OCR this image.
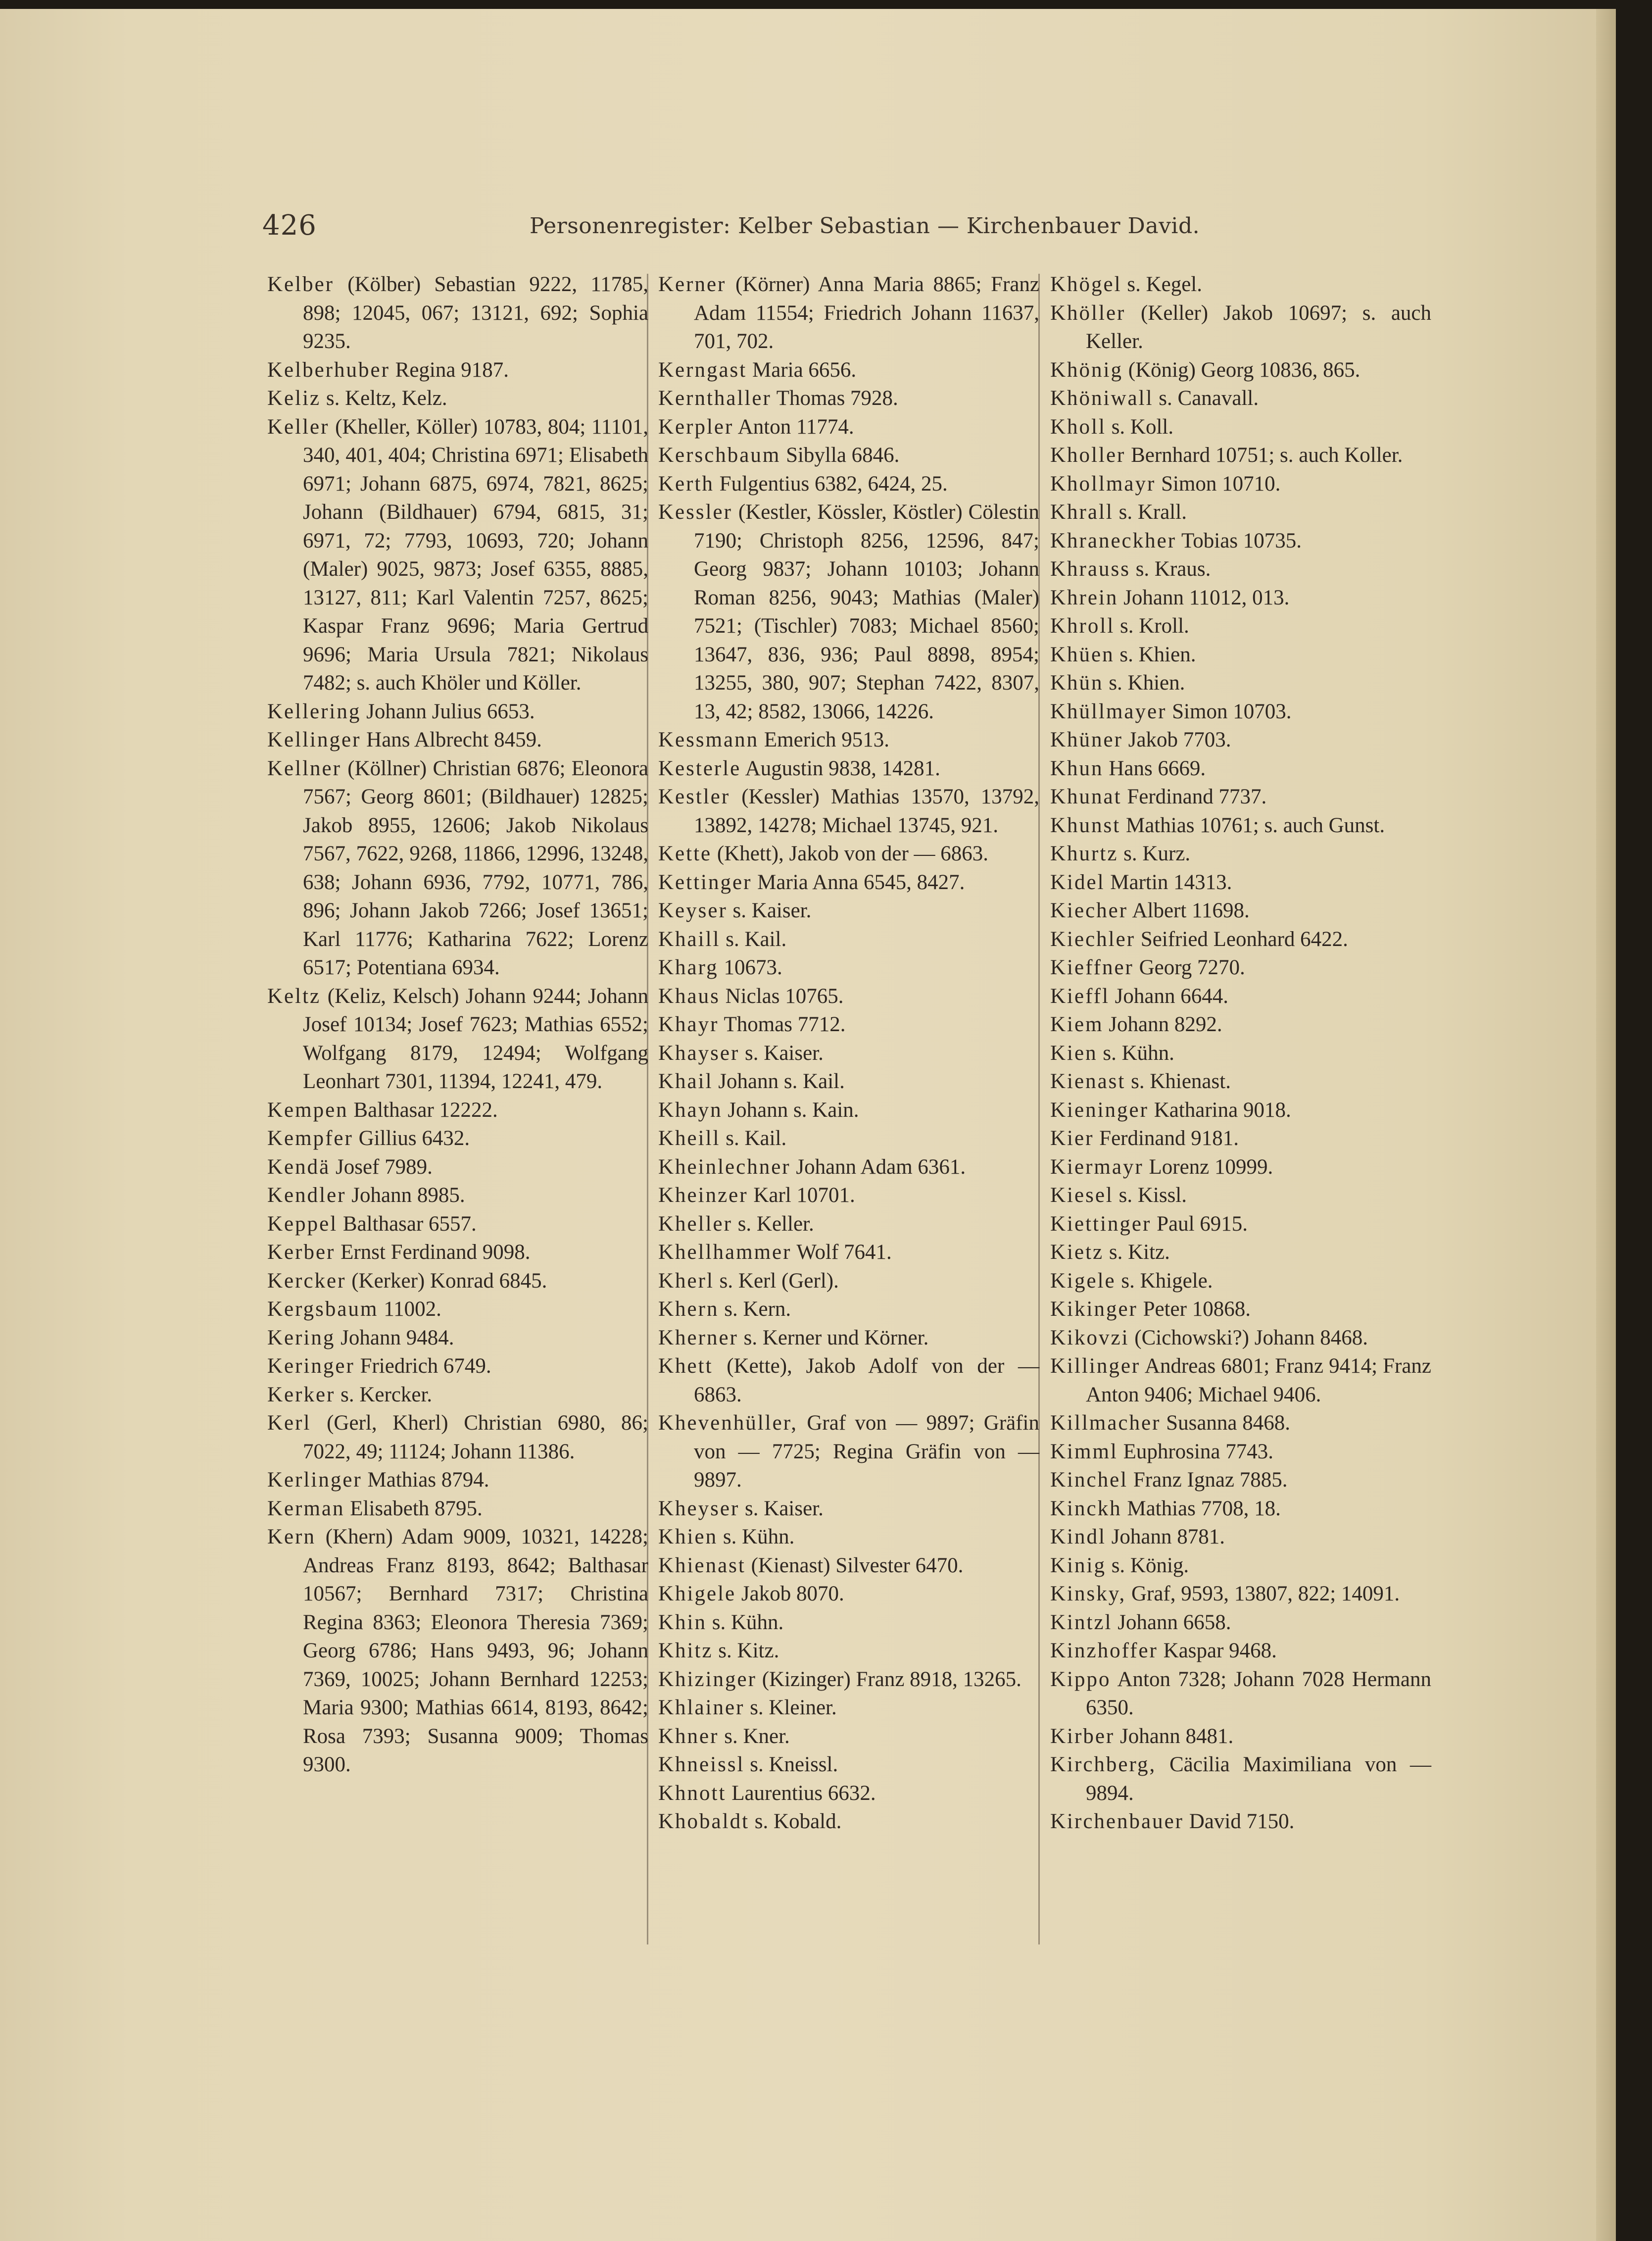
426	Personenregister: Kelber Sebastian — Kirchenbauer David.

Kelber (Kölber) Sebastian 9222, 11785, 898; 12045, 067; 13121, 692; Sophia 9235.

Kelberhuber Regina 9187.

Keliz s. Keltz, Kelz.

Keller (Kheller, Köller) 10783, 804; 11101, 340, 401, 404; Christina 6971; Elisabeth 6971; Johann 6875, 6974, 7821, 8625; Johann (Bildhauer) 6794, 6815, 31; 6971, 72; 7793, 10693, 720; Johann (Maler) 9025, 9873; Josef 6355, 8885, 13127, 811; Karl Valentin 7257, 8625; Kaspar Franz 9696; Maria Gertrud 9696; Maria Ursula 7821; Nikolaus 7482; s. auch Khöler und Köller.

Kellering Johann Julius 6653.

Kellinger Hans Albrecht 8459.

Kellner (Köllner) Christian 6876; Eleonora 7567; Georg 8601; (Bildhauer) 12825; Jakob 8955, 12606; Jakob Nikolaus 7567, 7622, 9268, 11866, 12996, 13248, 638; Johann 6936, 7792, 10771, 786, 896; Johann Jakob 7266; Josef 13651; Karl 11776; Katharina 7622; Lorenz 6517; Potentiana 6934.

Keltz (Keliz, Kelsch) Johann 9244; Johann Josef 10134; Josef 7623; Mathias 6552; Wolfgang 8179, 12494; Wolfgang Leonhart 7301, 11394, 12241, 479.

Kempen Balthasar 12222.

Kempfer Gillius 6432.

Kendä Josef 7989.

Kendler Johann 8985.

Keppel Balthasar 6557.

Kerber Ernst Ferdinand 9098.

Kercker (Kerker) Konrad 6845.

Kergsbaum 11002.

Kering Johann 9484.

Keringer Friedrich 6749.

Kerker s. Kercker.

Kerl (Gerl, Kherl) Christian 6980, 86; 7022, 49; 11124; Johann 11386.

Kerlinger Mathias 8794.

Kerman Elisabeth 8795.

Kern (Khern) Adam 9009, 10321, 14228; Andreas Franz 8193, 8642; Balthasar 10567; Bernhard 7317; Christina Regina 8363; Eleonora Theresia 7369; Georg 6786; Hans 9493, 96; Johann 7369, 10025; Johann Bernhard 12253; Maria 9300; Mathias 6614, 8193, 8642; Rosa 7393; Susanna 9009; Thomas 9300.

Kerner (Körner) Anna Maria 8865; Franz Adam 11554; Friedrich Johann 11637, 701, 702.

Kerngast Maria 6656.

Kernthaller Thomas 7928.

Kerpler Anton 11774.

Kerschbaum Sibylla 6846.

Kerth Fulgentius 6382, 6424, 25.

Kessler (Kestler, Kössler, Köstler) Cölestin 7190; Christoph 8256, 12596, 847; Georg 9837; Johann 10103; Johann Roman 8256, 9043; Mathias (Maler) 7521; (Tischler) 7083; Michael 8560; 13647, 836, 936; Paul 8898, 8954; 13255, 380, 907; Stephan 7422, 8307, 13, 42; 8582, 13066, 14226.

Kessmann Emerich 9513.

Kesterle Augustin 9838, 14281.

Kestler (Kessler) Mathias 13570, 13792, 13892, 14278; Michael 13745, 921.

Kette (Khett), Jakob von der — 6863.

Kettinger Maria Anna 6545, 8427.

Keyser s. Kaiser.

Khaill s. Kail.

Kharg 10673.

Khaus Niclas 10765.

Khayr Thomas 7712.

Khayser s. Kaiser.

Khail Johann s. Kail.

Khayn Johann s. Kain.

Kheill s. Kail.

Kheinlechner Johann Adam 6361.

Kheinzer Karl 10701.

Kheller s. Keller.

Khellhammer Wolf 7641.

Kherl s. Kerl (Gerl).

Khern s. Kern.

Kherner s. Kerner und Körner.

Khett (Kette), Jakob Adolf von der — 6863.

Khevenhüller, Graf von — 9897; Gräfin von — 7725; Regina Gräfin von — 9897.

Kheyser s. Kaiser.

Khien s. Kühn.

Khienast (Kienast) Silvester 6470.

Khigele Jakob 8070.

Khin s. Kühn.

Khitz s. Kitz.

Khizinger (Kizinger) Franz 8918, 13265.

Khlainer s. Kleiner.

Khner s. Kner.

Khneissl s. Kneissl.

Khnott Laurentius 6632.

Khobaldt s. Kobald.

Khögel s. Kegel.

Khöller (Keller) Jakob 10697; s. auch Keller.

Khönig (König) Georg 10836, 865.

Khöniwall s. Canavall.

Kholl s. Koll.

Kholler Bernhard 10751; s. auch Koller.

Khollmayr Simon 10710.

Khrall s. Krall.

Khraneckher Tobias 10735.

Khrauss s. Kraus.

Khrein Johann 11012, 013.

Khroll s. Kroll.

Khüen s. Khien.

Khün s. Khien.

Khüllmayer Simon 10703.

Khüner Jakob 7703.

Khun Hans 6669.

Khunat Ferdinand 7737.

Khunst Mathias 10761; s. auch Gunst.

Khurtz s. Kurz.

Kidel Martin 14313.

Kiecher Albert 11698.

Kiechler Seifried Leonhard 6422.

Kieffner Georg 7270.

Kieffl Johann 6644.

Kiem Johann 8292.

Kien s. Kühn.

Kienast s. Khienast.

Kieninger Katharina 9018.

Kier Ferdinand 9181.

Kiermayr Lorenz 10999.

Kiesel s. Kissl.

Kiettinger Paul 6915.

Kietz s. Kitz.

Kigele s. Khigele.

Kikinger Peter 10868.

Kikovzi (Cichowski?) Johann 8468.

Killinger Andreas 6801; Franz 9414; Franz Anton 9406; Michael 9406.

Killmacher Susanna 8468.

Kimml Euphrosina 7743.

Kinchel Franz Ignaz 7885.

Kinckh Mathias 7708, 18.

Kindl Johann 8781.

Kinig s. König.

Kinsky, Graf, 9593, 13807, 822; 14091.

Kintzl Johann 6658.

Kinzhoffer Kaspar 9468.

Kippo Anton 7328; Johann 7028 Hermann 6350.

Kirber Johann 8481.

Kirchberg, Cäcilia Maximiliana von — 9894.

Kirchenbauer David 7150.
